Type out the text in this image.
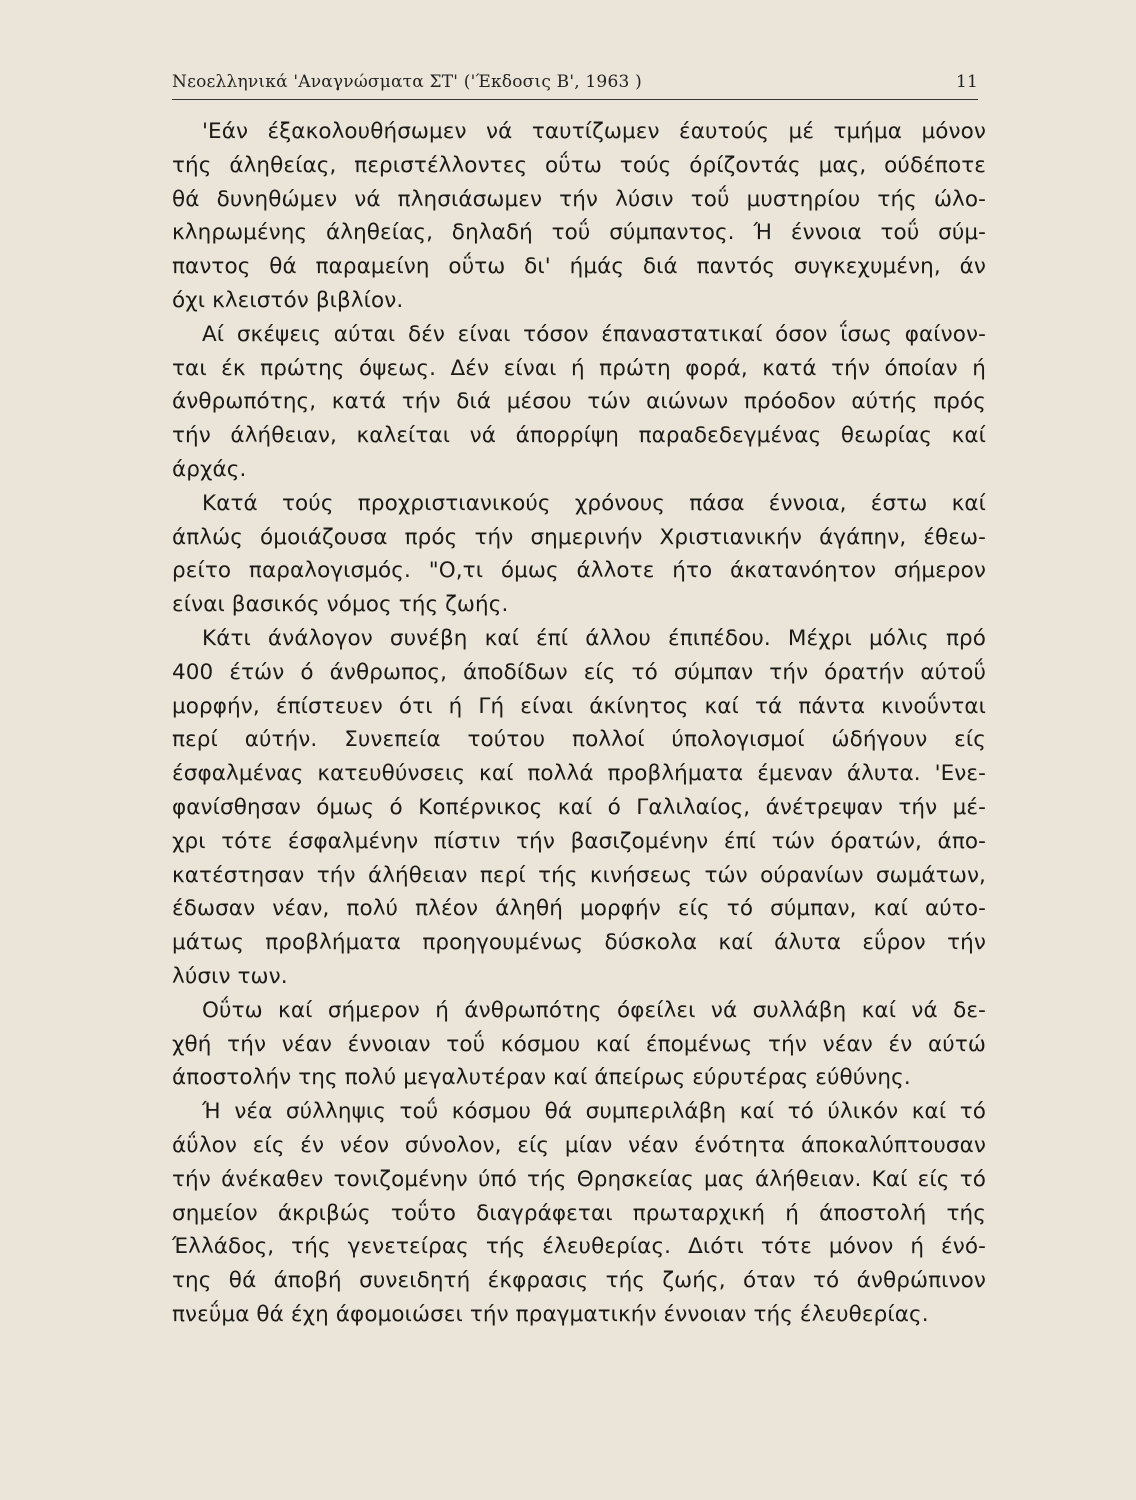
Νεοελληνικά 'Αναγνώσματα ΣΤ' ('Έκδοσις Β', 1963 )	11
'Εάν έξακολουθήσωμεν νά ταυτίζωμεν έαυτούς μέ τμήμα μόνον
τής άληθείας, περιστέλλοντες οΰτω τούς όρίζοντάς μας, ούδέποτε
θά δυνηθώμεν νά πλησιάσωμεν τήν λύσιν τοΰ μυστηρίου τής ώλο-
κληρωμένης άληθείας, δηλαδή τοΰ σύμπαντος. Ή έννοια τοΰ σύμ-
παντος θά παραμείνη οΰτω δι' ήμάς διά παντός συγκεχυμένη, άν
όχι κλειστόν βιβλίον.
Αί σκέψεις αύται δέν είναι τόσον έπαναστατικαί όσον ΐσως φαίνον-
ται έκ πρώτης όψεως. Δέν είναι ή πρώτη φορά, κατά τήν όποίαν ή
άνθρωπότης, κατά τήν διά μέσου τών αιώνων πρόοδον αύτής πρός
τήν άλήθειαν, καλείται νά άπορρίψη παραδεδεγμένας θεωρίας καί
άρχάς.
Κατά τούς προχριστιανικούς χρόνους πάσα έννοια, έστω καί
άπλώς όμοιάζουσα πρός τήν σημερινήν Χριστιανικήν άγάπην, έθεω-
ρείτο παραλογισμός. "Ο,τι όμως άλλοτε ήτο άκατανόητον σήμερον
είναι βασικός νόμος τής ζωής.
Κάτι άνάλογον συνέβη καί έπί άλλου έπιπέδου. Μέχρι μόλις πρό
400 έτών ό άνθρωπος, άποδίδων είς τό σύμπαν τήν όρατήν αύτοΰ
μορφήν, έπίστευεν ότι ή Γή είναι άκίνητος καί τά πάντα κινοΰνται
περί αύτήν. Συνεπεία τούτου πολλοί ύπολογισμοί ώδήγουν είς
έσφαλμένας κατευθύνσεις καί πολλά προβλήματα έμεναν άλυτα. 'Ενε-
φανίσθησαν όμως ό Κοπέρνικος καί ό Γαλιλαίος, άνέτρεψαν τήν μέ-
χρι τότε έσφαλμένην πίστιν τήν βασιζομένην έπί τών όρατών, άπο-
κατέστησαν τήν άλήθειαν περί τής κινήσεως τών ούρανίων σωμάτων,
έδωσαν νέαν, πολύ πλέον άληθή μορφήν είς τό σύμπαν, καί αύτο-
μάτως προβλήματα προηγουμένως δύσκολα καί άλυτα εΰρον τήν
λύσιν των.
Οΰτω καί σήμερον ή άνθρωπότης όφείλει νά συλλάβη καί νά δε-
χθή τήν νέαν έννοιαν τοΰ κόσμου καί έπομένως τήν νέαν έν αύτώ
άποστολήν της πολύ μεγαλυτέραν καί άπείρως εύρυτέρας εύθύνης.
Ή νέα σύλληψις τοΰ κόσμου θά συμπεριλάβη καί τό ύλικόν καί τό
άΰλον είς έν νέον σύνολον, είς μίαν νέαν ένότητα άποκαλύπτουσαν
τήν άνέκαθεν τονιζομένην ύπό τής Θρησκείας μας άλήθειαν. Καί είς τό
σημείον άκριβώς τοΰτο διαγράφεται πρωταρχική ή άποστολή τής
Έλλάδος, τής γενετείρας τής έλευθερίας. Διότι τότε μόνον ή ένό-
της θά άποβή συνειδητή έκφρασις τής ζωής, όταν τό άνθρώπινον
πνεΰμα θά έχη άφομοιώσει τήν πραγματικήν έννοιαν τής έλευθερίας.
